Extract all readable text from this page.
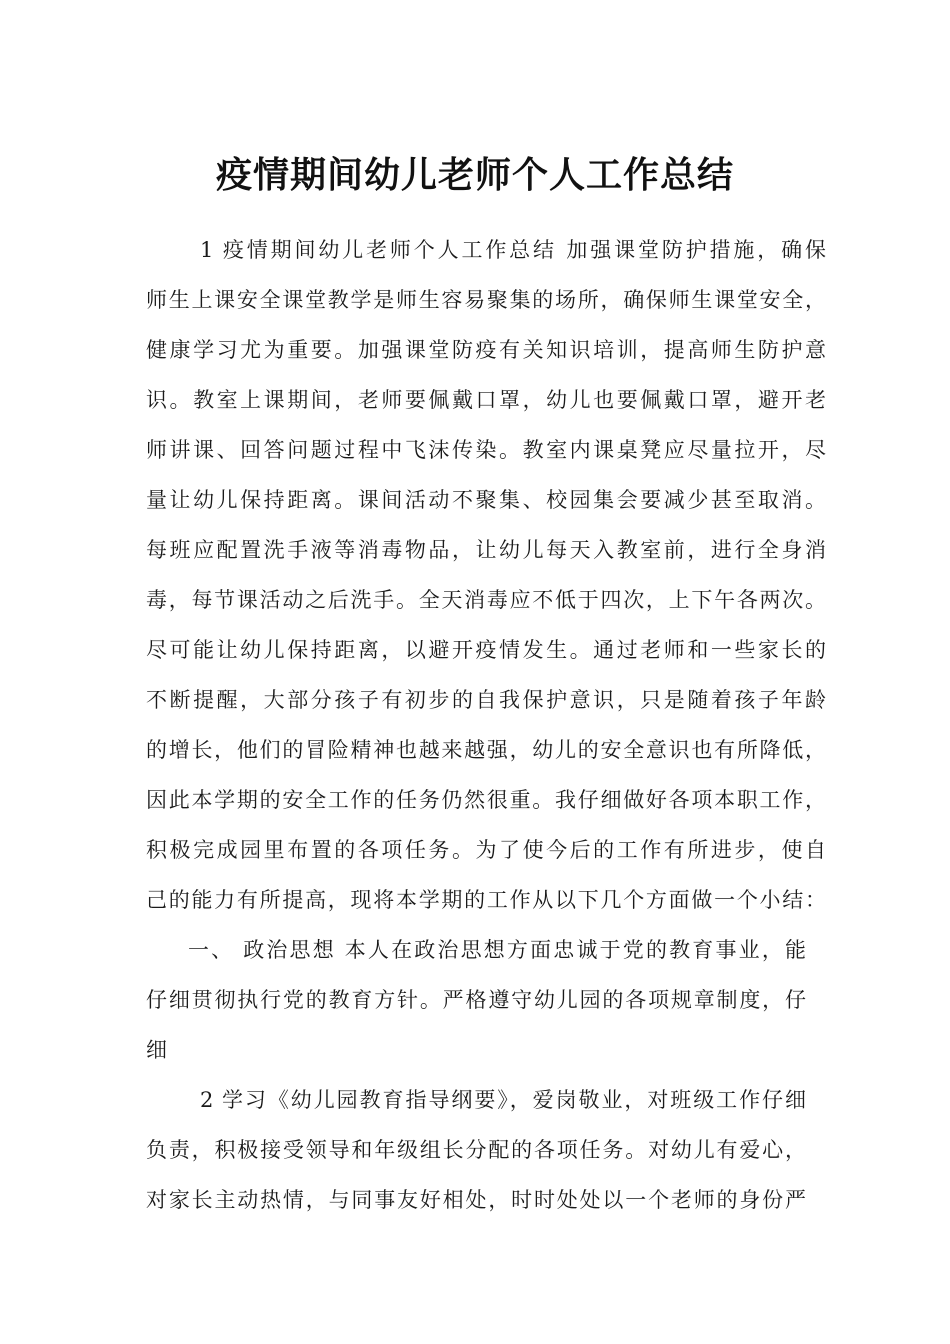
疫情期间幼儿老师个人工作总结
1 疫情期间幼儿老师个人工作总结 加强课堂防护措施，确保
师生上课安全课堂教学是师生容易聚集的场所，确保师生课堂安全，
健康学习尤为重要。加强课堂防疫有关知识培训，提高师生防护意
识。教室上课期间，老师要佩戴口罩，幼儿也要佩戴口罩，避开老
师讲课、回答问题过程中飞沫传染。教室内课桌凳应尽量拉开，尽
量让幼儿保持距离。课间活动不聚集、校园集会要减少甚至取消。
每班应配置洗手液等消毒物品，让幼儿每天入教室前，进行全身消
毒，每节课活动之后洗手。全天消毒应不低于四次，上下午各两次。
尽可能让幼儿保持距离，以避开疫情发生。通过老师和一些家长的
不断提醒，大部分孩子有初步的自我保护意识，只是随着孩子年龄
的增长，他们的冒险精神也越来越强，幼儿的安全意识也有所降低，
因此本学期的安全工作的任务仍然很重。我仔细做好各项本职工作，
积极完成园里布置的各项任务。为了使今后的工作有所进步，使自
己的能力有所提高，现将本学期的工作从以下几个方面做一个小结：
一、 政治思想 本人在政治思想方面忠诚于党的教育事业，能
仔细贯彻执行党的教育方针。严格遵守幼儿园的各项规章制度，仔
细
2 学习《幼儿园教育指导纲要》，爱岗敬业，对班级工作仔细
负责，积极接受领导和年级组长分配的各项任务。对幼儿有爱心，
对家长主动热情，与同事友好相处，时时处处以一个老师的身份严
